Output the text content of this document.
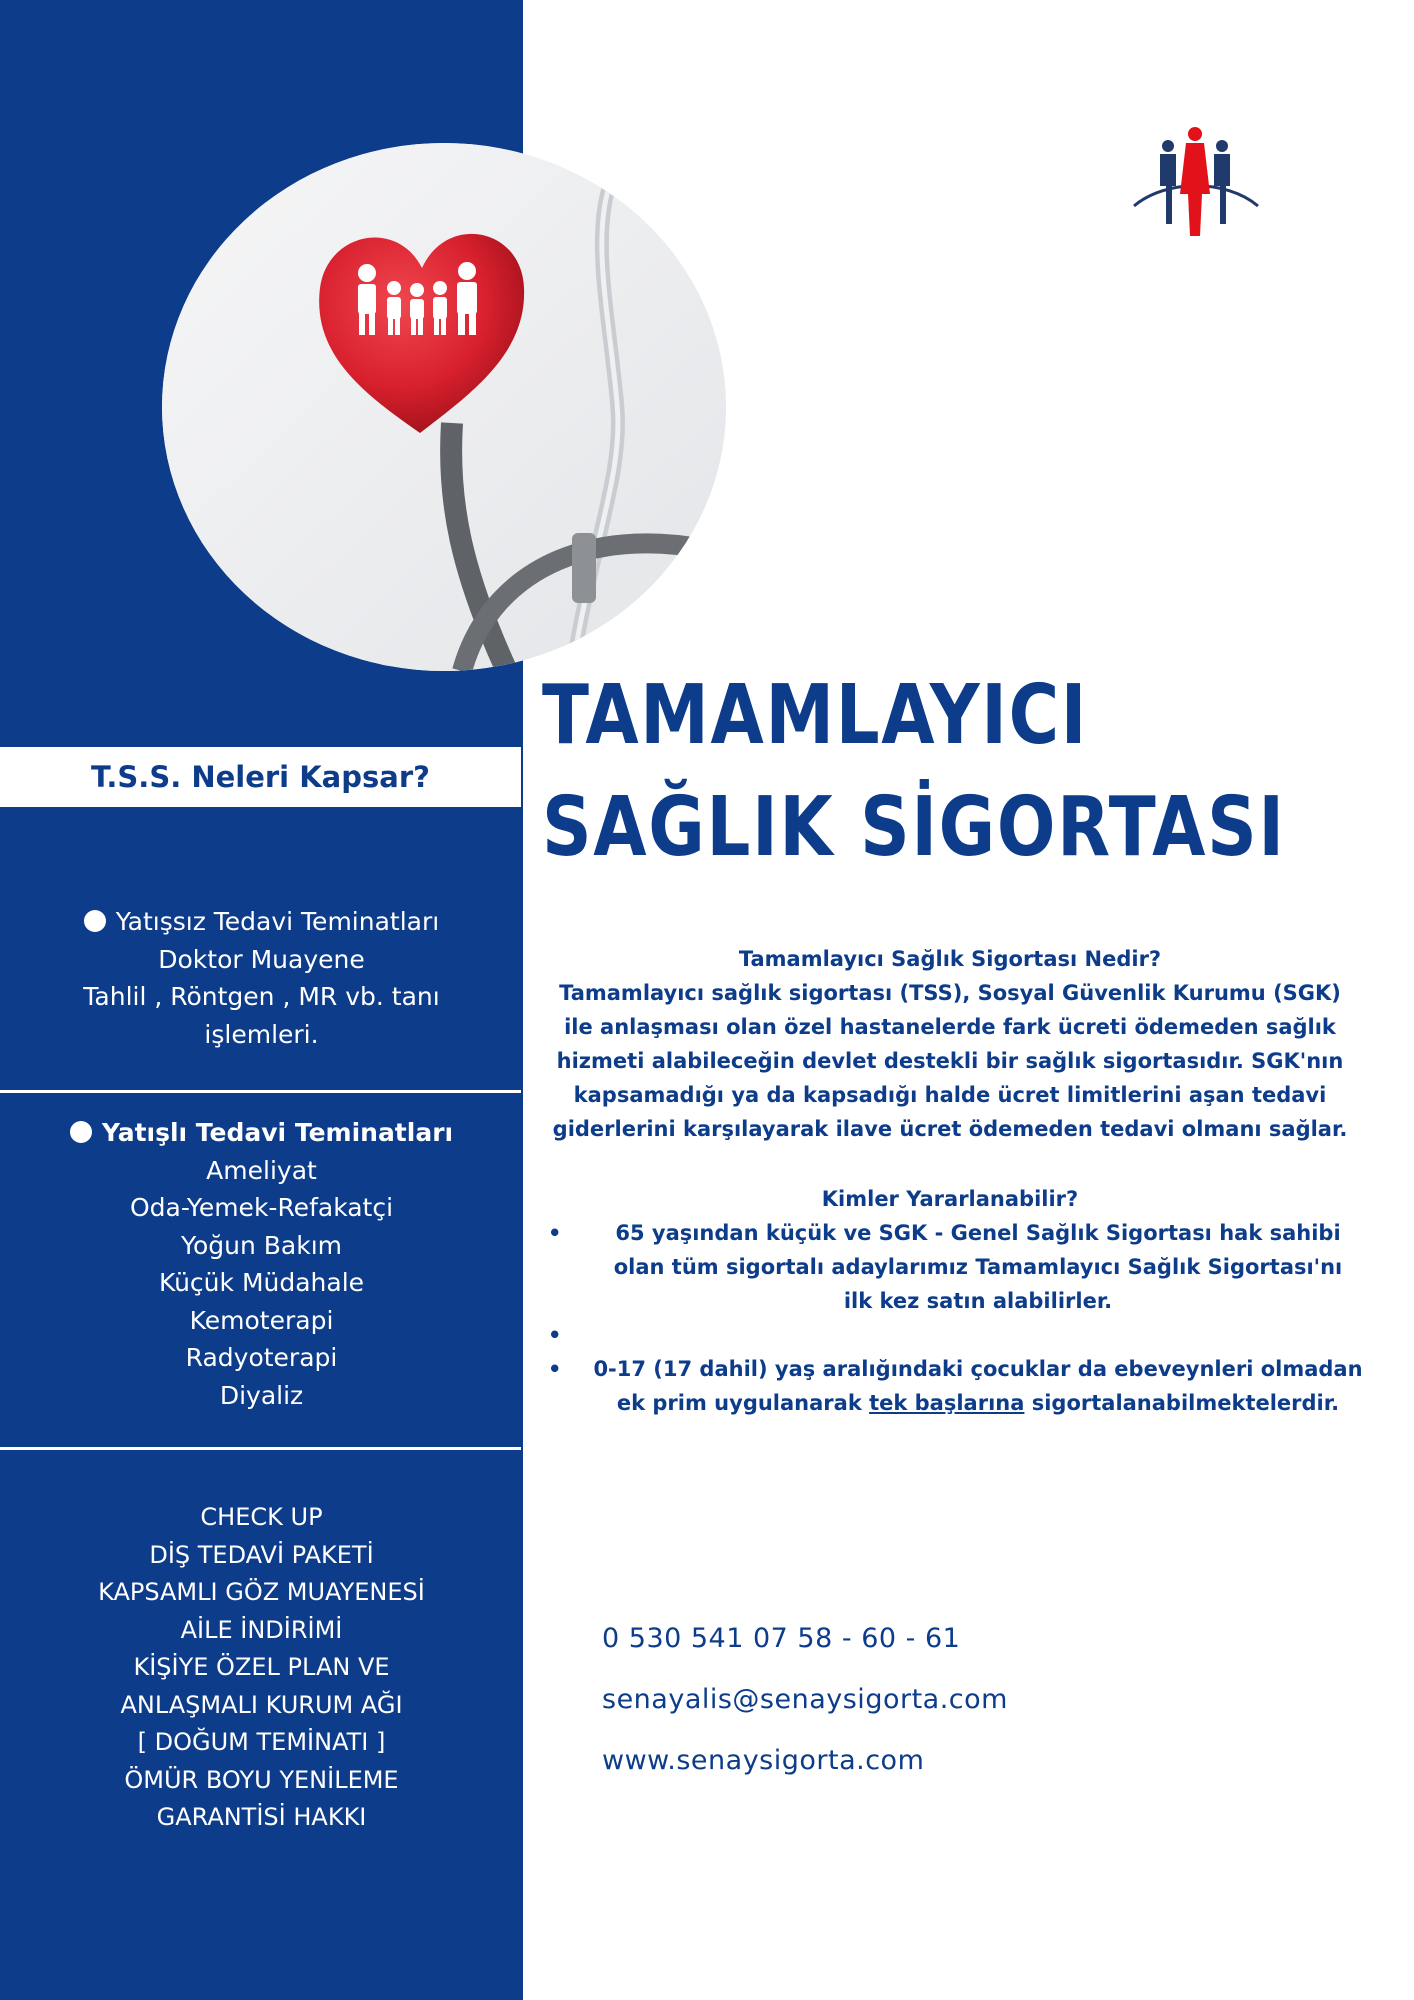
T.S.S. Neleri Kapsar?

Yatışsız Tedavi Teminatları

Doktor Muayene

Tahlil , Röntgen , MR vb. tanı

işlemleri.

Yatışlı Tedavi Teminatları

Ameliyat

Oda-Yemek-Refakatçi

Yoğun Bakım

Küçük Müdahale

Kemoterapi

Radyoterapi

Diyaliz

CHECK UP

DİŞ TEDAVİ PAKETİ

KAPSAMLI GÖZ MUAYENESİ

AİLE İNDİRİMİ

KİŞİYE ÖZEL PLAN VE

ANLAŞMALI KURUM AĞI

[ DOĞUM TEMİNATI ]

ÖMÜR BOYU YENİLEME

GARANTİSİ HAKKI

TAMAMLAYICI
SAĞLIK SİGORTASI

Tamamlayıcı Sağlık Sigortası Nedir?

Tamamlayıcı sağlık sigortası (TSS), Sosyal Güvenlik Kurumu (SGK)

ile anlaşması olan özel hastanelerde fark ücreti ödemeden sağlık

hizmeti alabileceğin devlet destekli bir sağlık sigortasıdır. SGK'nın

kapsamadığı ya da kapsadığı halde ücret limitlerini aşan tedavi

giderlerini karşılayarak ilave ücret ödemeden tedavi olmanı sağlar.

Kimler Yararlanabilir?
•	65 yaşından küçük ve SGK - Genel Sağlık Sigortası hak sahibi
olan tüm sigortalı adaylarımız Tamamlayıcı Sağlık Sigortası'nı
ilk kez satın alabilirler.
•

•	0-17 (17 dahil) yaş aralığındaki çocuklar da ebeveynleri olmadan
ek prim uygulanarak tek başlarına sigortalanabilmektelerdir.
0 530 541 07 58 - 60 - 61
senayalis@senaysigorta.com
www.senaysigorta.com
